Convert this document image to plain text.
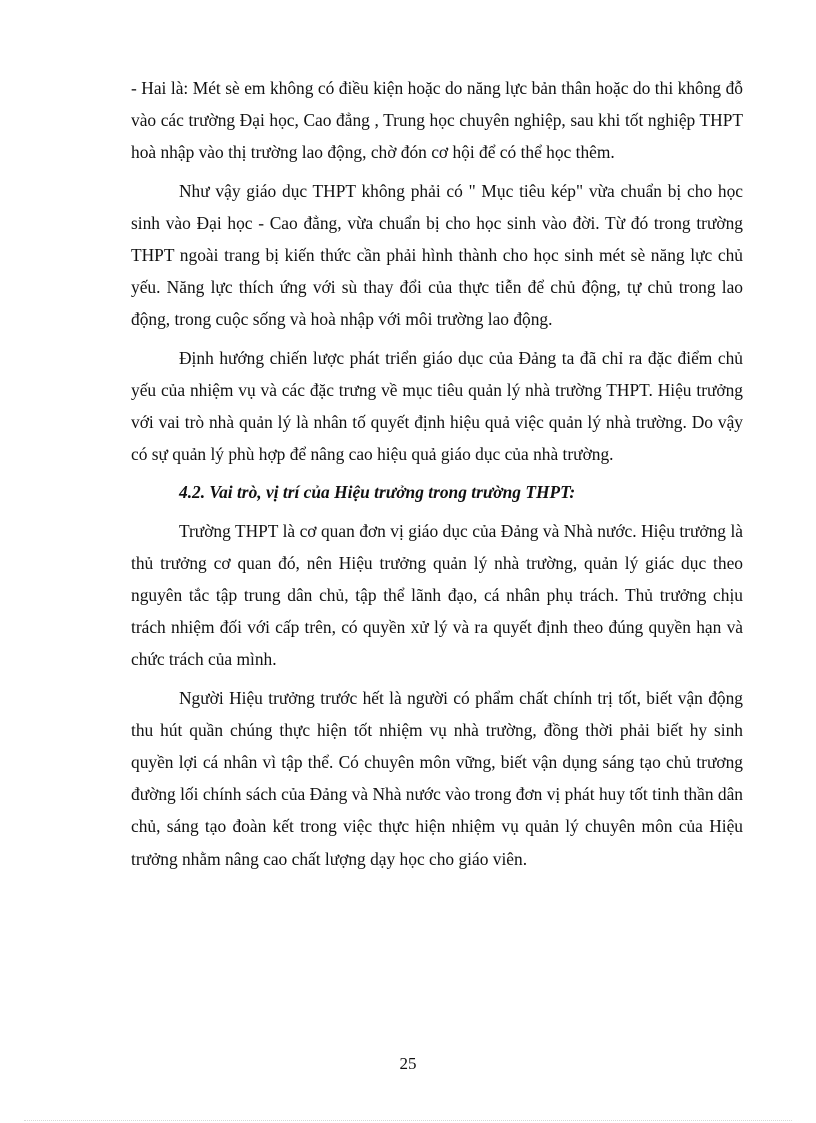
- Hai là: Mét sè em không có điều kiện hoặc do năng lực bản thân hoặc do thi không đỗ vào các trường Đại học, Cao đẳng , Trung học chuyên nghiệp, sau khi tốt nghiệp THPT hoà nhập vào thị trường lao động, chờ đón cơ hội để có thể học thêm.

Như vậy giáo dục THPT không phải có " Mục tiêu kép" vừa chuẩn bị cho học sinh vào Đại học - Cao đẳng, vừa chuẩn bị cho học sinh vào đời. Từ đó trong trường THPT ngoài trang bị kiến thức cần phải hình thành cho học sinh mét sè năng lực chủ yếu. Năng lực thích ứng với sù thay đổi của thực tiễn để chủ động, tự chủ trong lao động, trong cuộc sống và hoà nhập với môi trường lao động.

Định hướng chiến lược phát triển giáo dục của Đảng ta đã chỉ ra đặc điểm chủ yếu của nhiệm vụ và các đặc trưng về mục tiêu quản lý nhà trường THPT. Hiệu trưởng với vai trò nhà quản lý là nhân tố quyết định hiệu quả việc quản lý nhà trường. Do vậy có sự quản lý phù hợp để nâng cao hiệu quả giáo dục của nhà trường.

4.2. Vai trò, vị trí của Hiệu trưởng trong trường THPT:

Trường THPT là cơ quan đơn vị giáo dục của Đảng và Nhà nước. Hiệu trưởng là thủ trưởng cơ quan đó, nên Hiệu trưởng quản lý nhà trường, quản lý giác dục theo nguyên tắc tập trung dân chủ, tập thể lãnh đạo, cá nhân phụ trách. Thủ trưởng chịu trách nhiệm đối với cấp trên, có quyền xử lý và ra quyết định theo đúng quyền hạn và chức trách của mình.

Người Hiệu trưởng trước hết là người có phẩm chất chính trị tốt, biết vận động thu hút quần chúng thực hiện tốt nhiệm vụ nhà trường, đồng thời phải biết hy sinh quyền lợi cá nhân vì tập thể. Có chuyên môn vững, biết vận dụng sáng tạo chủ trương đường lối chính sách của Đảng và Nhà nước vào trong đơn vị phát huy tốt tinh thần dân chủ, sáng tạo đoàn kết trong việc thực hiện nhiệm vụ quản lý chuyên môn của Hiệu trưởng nhằm nâng cao chất lượng dạy học cho giáo viên.

25
